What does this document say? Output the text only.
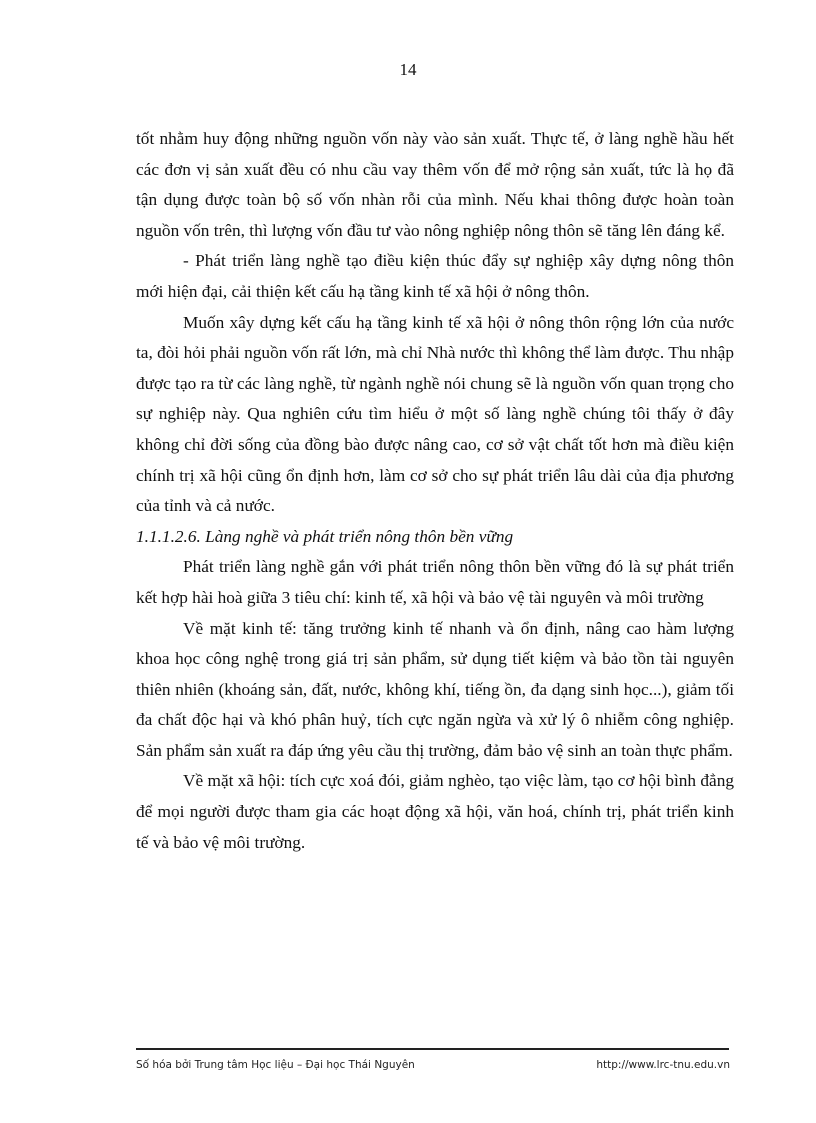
14

tốt nhằm huy động những nguồn vốn này vào sản xuất. Thực tế, ở làng nghề hầu hết các đơn vị sản xuất đều có nhu cầu vay thêm vốn để mở rộng sản xuất, tức là họ đã tận dụng được toàn bộ số vốn nhàn rỗi của mình. Nếu khai thông được hoàn toàn nguồn vốn trên, thì lượng vốn đầu tư vào nông nghiệp nông thôn sẽ tăng lên đáng kể.

- Phát triển làng nghề tạo điều kiện thúc đẩy sự nghiệp xây dựng nông thôn mới hiện đại, cải thiện kết cấu hạ tầng kinh tế xã hội ở nông thôn.

Muốn xây dựng kết cấu hạ tầng kinh tế xã hội ở nông thôn rộng lớn của nước ta, đòi hỏi phải nguồn vốn rất lớn, mà chỉ Nhà nước thì không thể làm được. Thu nhập được tạo ra từ các làng nghề, từ ngành nghề nói chung sẽ là nguồn vốn quan trọng cho sự nghiệp này. Qua nghiên cứu tìm hiểu ở một số làng nghề chúng tôi thấy ở đây không chỉ đời sống của đồng bào được nâng cao, cơ sở vật chất tốt hơn mà điều kiện chính trị xã hội cũng ổn định hơn, làm cơ sở cho sự phát triển lâu dài của địa phương của tỉnh và cả nước.

1.1.1.2.6. Làng nghề và phát triển nông thôn bền vững

Phát triển làng nghề gắn với phát triển nông thôn bền vững đó là sự phát triển kết hợp hài hoà giữa 3 tiêu chí: kinh tế, xã hội và bảo vệ tài nguyên và môi trường

Về mặt kinh tế: tăng trưởng kinh tế nhanh và ổn định, nâng cao hàm lượng khoa học công nghệ trong giá trị sản phẩm, sử dụng tiết kiệm và bảo tồn tài nguyên thiên nhiên (khoáng sản, đất, nước, không khí, tiếng ồn, đa dạng sinh học...), giảm tối đa chất độc hại và khó phân huỷ, tích cực ngăn ngừa và xử lý ô nhiễm công nghiệp. Sản phẩm sản xuất ra đáp ứng yêu cầu thị trường, đảm bảo vệ sinh an toàn thực phẩm.

Về mặt xã hội: tích cực xoá đói, giảm nghèo, tạo việc làm, tạo cơ hội bình đẳng để mọi người được tham gia các hoạt động xã hội, văn hoá, chính trị, phát triển kinh tế và bảo vệ môi trường.

Số hóa bởi Trung tâm Học liệu – Đại học Thái Nguyên	http://www.lrc-tnu.edu.vn
